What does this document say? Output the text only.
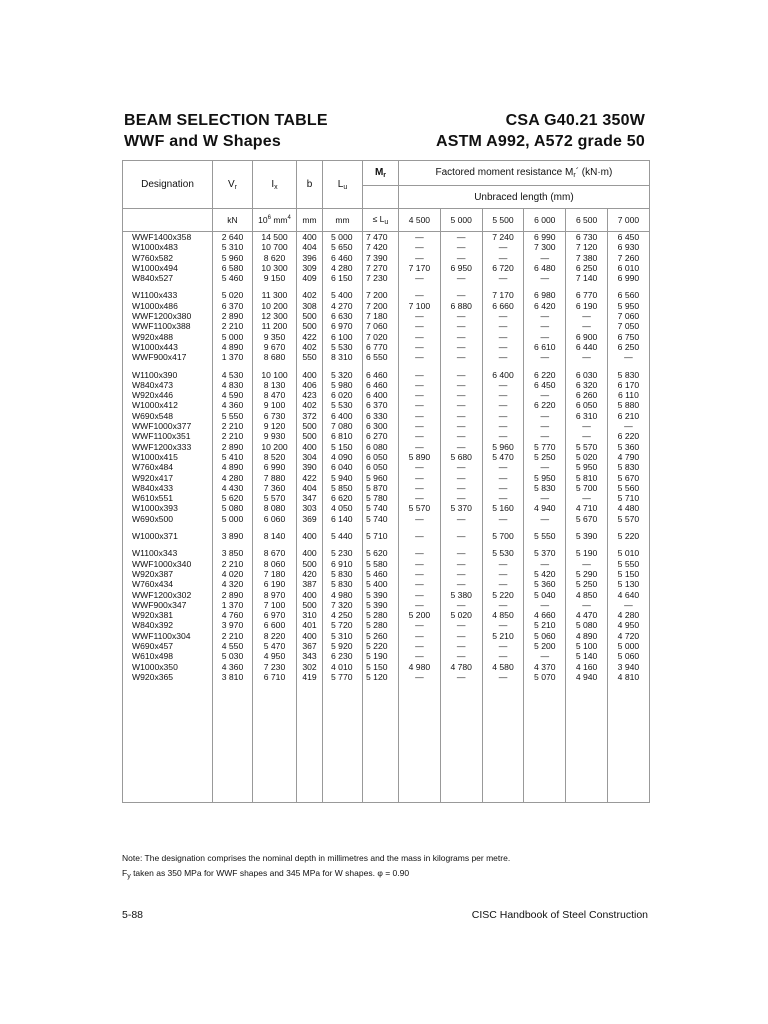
BEAM SELECTION TABLE	CSA G40.21 350W
WWF and W Shapes	ASTM A992, A572 grade 50
Designation	$V_r$	$I_x$	b	$L_u$	$M_r$	Factored moment resistance $M_r´$ (kN·m)					
						Unbraced length (mm)					
	kN	$10^6$ $mm^4$	mm	mm	≤ $L_u$	4 500	5 000	5 500	6 000	6 500	7 000
WWF1400x358	2 640	14 500	400	5 000	7 470	—	—	7 240	6 990	6 730	6 450
W1000x483	5 310	10 700	404	5 650	7 420	—	—	—	7 300	7 120	6 930
W760x582	5 960	8 620	396	6 460	7 390	—	—	—	—	7 380	7 260
W1000x494	6 580	10 300	309	4 280	7 270	7 170	6 950	6 720	6 480	6 250	6 010
W840x527	5 460	9 150	409	6 150	7 230	—	—	—	—	7 140	6 990

W1100x433	5 020	11 300	402	5 400	7 200	—	—	7 170	6 980	6 770	6 560
W1000x486	6 370	10 200	308	4 270	7 200	7 100	6 880	6 660	6 420	6 190	5 950
WWF1200x380	2 890	12 300	500	6 630	7 180	—	—	—	—	—	7 060
WWF1100x388	2 210	11 200	500	6 970	7 060	—	—	—	—	—	7 050
W920x488	5 000	9 350	422	6 100	7 020	—	—	—	—	6 900	6 750
W1000x443	4 890	9 670	402	5 530	6 770	—	—	—	6 610	6 440	6 250
WWF900x417	1 370	8 680	550	8 310	6 550	—	—	—	—	—	—

W1100x390	4 530	10 100	400	5 320	6 460	—	—	6 400	6 220	6 030	5 830
W840x473	4 830	8 130	406	5 980	6 460	—	—	—	6 450	6 320	6 170
W920x446	4 590	8 470	423	6 020	6 400	—	—	—	—	6 260	6 110
W1000x412	4 360	9 100	402	5 530	6 370	—	—	—	6 220	6 050	5 880
W690x548	5 550	6 730	372	6 400	6 330	—	—	—	—	6 310	6 210
WWF1000x377	2 210	9 120	500	7 080	6 300	—	—	—	—	—	—
WWF1100x351	2 210	9 930	500	6 810	6 270	—	—	—	—	—	6 220
WWF1200x333	2 890	10 200	400	5 150	6 080	—	—	5 960	5 770	5 570	5 360
W1000x415	5 410	8 520	304	4 090	6 050	5 890	5 680	5 470	5 250	5 020	4 790
W760x484	4 890	6 990	390	6 040	6 050	—	—	—	—	5 950	5 830
W920x417	4 280	7 880	422	5 940	5 960	—	—	—	5 950	5 810	5 670
W840x433	4 430	7 360	404	5 850	5 870	—	—	—	5 830	5 700	5 560
W610x551	5 620	5 570	347	6 620	5 780	—	—	—	—	—	5 710
W1000x393	5 080	8 080	303	4 050	5 740	5 570	5 370	5 160	4 940	4 710	4 480
W690x500	5 000	6 060	369	6 140	5 740	—	—	—	—	5 670	5 570

W1000x371	3 890	8 140	400	5 440	5 710	—	—	5 700	5 550	5 390	5 220

W1100x343	3 850	8 670	400	5 230	5 620	—	—	5 530	5 370	5 190	5 010
WWF1000x340	2 210	8 060	500	6 910	5 580	—	—	—	—	—	5 550
W920x387	4 020	7 180	420	5 830	5 460	—	—	—	5 420	5 290	5 150
W760x434	4 320	6 190	387	5 830	5 400	—	—	—	5 360	5 250	5 130
WWF1200x302	2 890	8 970	400	4 980	5 390	—	5 380	5 220	5 040	4 850	4 640
WWF900x347	1 370	7 100	500	7 320	5 390	—	—	—	—	—	—
W920x381	4 760	6 970	310	4 250	5 280	5 200	5 020	4 850	4 660	4 470	4 280
W840x392	3 970	6 600	401	5 720	5 280	—	—	—	5 210	5 080	4 950
WWF1100x304	2 210	8 220	400	5 310	5 260	—	—	5 210	5 060	4 890	4 720
W690x457	4 550	5 470	367	5 920	5 220	—	—	—	5 200	5 100	5 000
W610x498	5 030	4 950	343	6 230	5 190	—	—	—	—	5 140	5 060
W1000x350	4 360	7 230	302	4 010	5 150	4 980	4 780	4 580	4 370	4 160	3 940
W920x365	3 810	6 710	419	5 770	5 120	—	—	—	5 070	4 940	4 810

Note: The designation comprises the nominal depth in millimetres and the mass in kilograms per metre.
$F_y$ taken as 350 MPa for WWF shapes and 345 MPa for W shapes. φ = 0.90
5-88	CISC Handbook of Steel Construction
